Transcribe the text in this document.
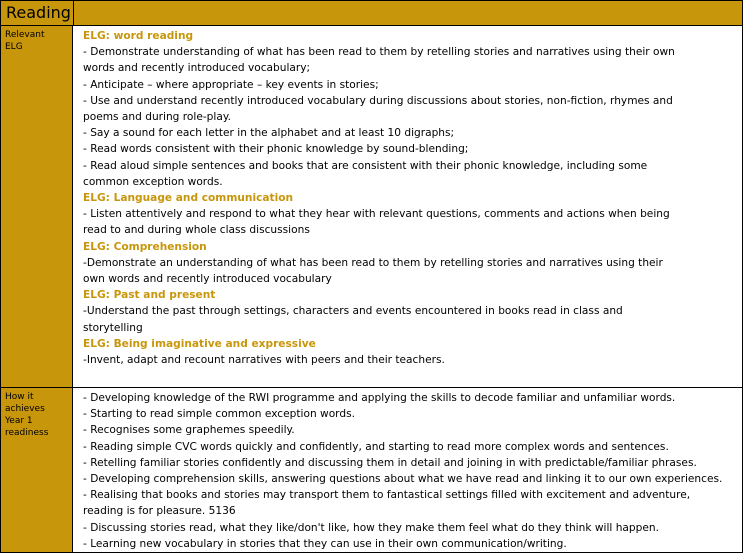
Reading
Relevant
ELG

ELG: word reading

- Demonstrate understanding of what has been read to them by retelling stories and narratives using their own

words and recently introduced vocabulary;

- Anticipate – where appropriate – key events in stories;

- Use and understand recently introduced vocabulary during discussions about stories, non-fiction, rhymes and

poems and during role-play.

- Say a sound for each letter in the alphabet and at least 10 digraphs;

- Read words consistent with their phonic knowledge by sound-blending;

- Read aloud simple sentences and books that are consistent with their phonic knowledge, including some

common exception words.

ELG: Language and communication

- Listen attentively and respond to what they hear with relevant questions, comments and actions when being

read to and during whole class discussions

ELG: Comprehension

-Demonstrate an understanding of what has been read to them by retelling stories and narratives using their

own words and recently introduced vocabulary

ELG: Past and present

-Understand the past through settings, characters and events encountered in books read in class and

storytelling

ELG: Being imaginative and expressive

-Invent, adapt and recount narratives with peers and their teachers.

How it
achieves
Year 1
readiness

- Developing knowledge of the RWI programme and applying the skills to decode familiar and unfamiliar words.

- Starting to read simple common exception words.

- Recognises some graphemes speedily.

- Reading simple CVC words quickly and confidently, and starting to read more complex words and sentences.

- Retelling familiar stories confidently and discussing them in detail and joining in with predictable/familiar phrases.

- Developing comprehension skills, answering questions about what we have read and linking it to our own experiences.

- Realising that books and stories may transport them to fantastical settings filled with excitement and adventure,

reading is for pleasure. 5136

- Discussing stories read, what they like/don't like, how they make them feel what do they think will happen.

- Learning new vocabulary in stories that they can use in their own communication/writing.
